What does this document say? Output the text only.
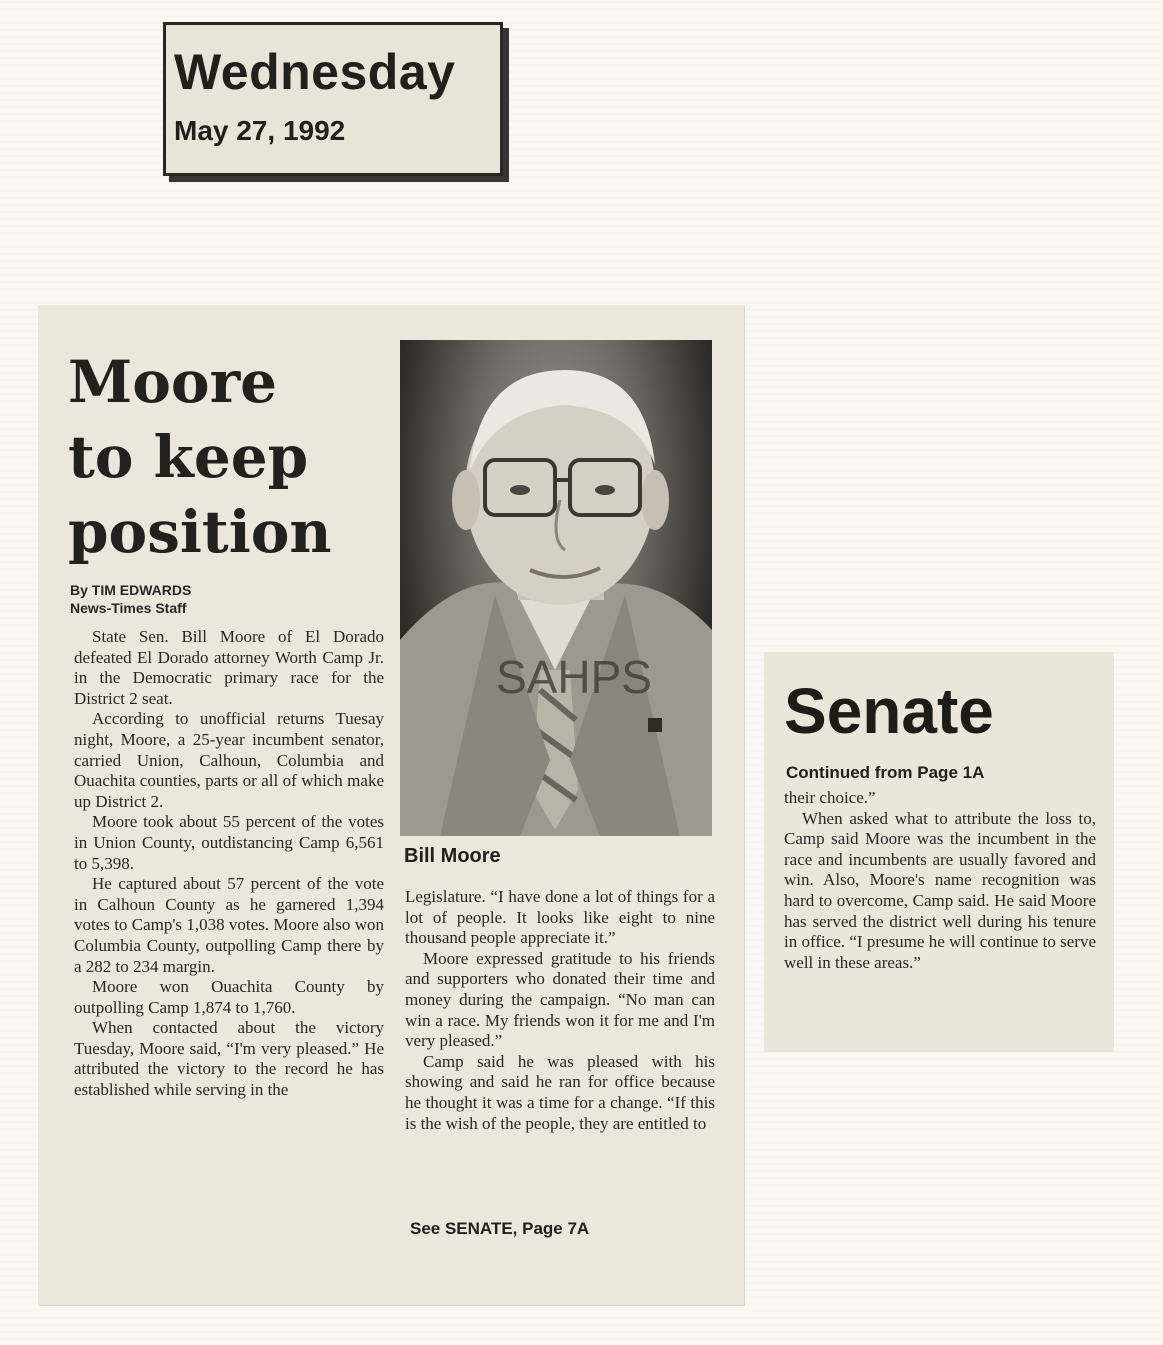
Wednesday
May 27, 1992
Moore
to keep
position
By TIM EDWARDS
News-Times Staff

State Sen. Bill Moore of El Dorado defeated El Dorado attorney Worth Camp Jr. in the Democratic primary race for the District 2 seat.

According to unofficial returns Tuesay night, Moore, a 25-year incumbent senator, carried Union, Calhoun, Columbia and Ouachita counties, parts or all of which make up District 2.

Moore took about 55 percent of the votes in Union County, outdistancing Camp 6,561 to 5,398.

He captured about 57 percent of the vote in Calhoun County as he garnered 1,394 votes to Camp's 1,038 votes. Moore also won Columbia County, outpolling Camp there by a 282 to 234 margin.

Moore won Ouachita County by outpolling Camp 1,874 to 1,760.

When contacted about the victory Tuesday, Moore said, “I'm very pleased.” He attributed the victory to the record he has established while serving in the

SAHPS
Bill Moore

Legislature. “I have done a lot of things for a lot of people. It looks like eight to nine thousand people appreciate it.”

Moore expressed gratitude to his friends and supporters who donated their time and money during the campaign. “No man can win a race. My friends won it for me and I'm very pleased.”

Camp said he was pleased with his showing and said he ran for office because he thought it was a time for a change. “If this is the wish of the people, they are entitled to

See SENATE, Page 7A
Senate
Continued from Page 1A

their choice.”

When asked what to attribute the loss to, Camp said Moore was the incumbent in the race and incumbents are usually favored and win. Also, Moore's name recognition was hard to overcome, Camp said. He said Moore has served the district well during his tenure in office. “I presume he will continue to serve well in these areas.”
